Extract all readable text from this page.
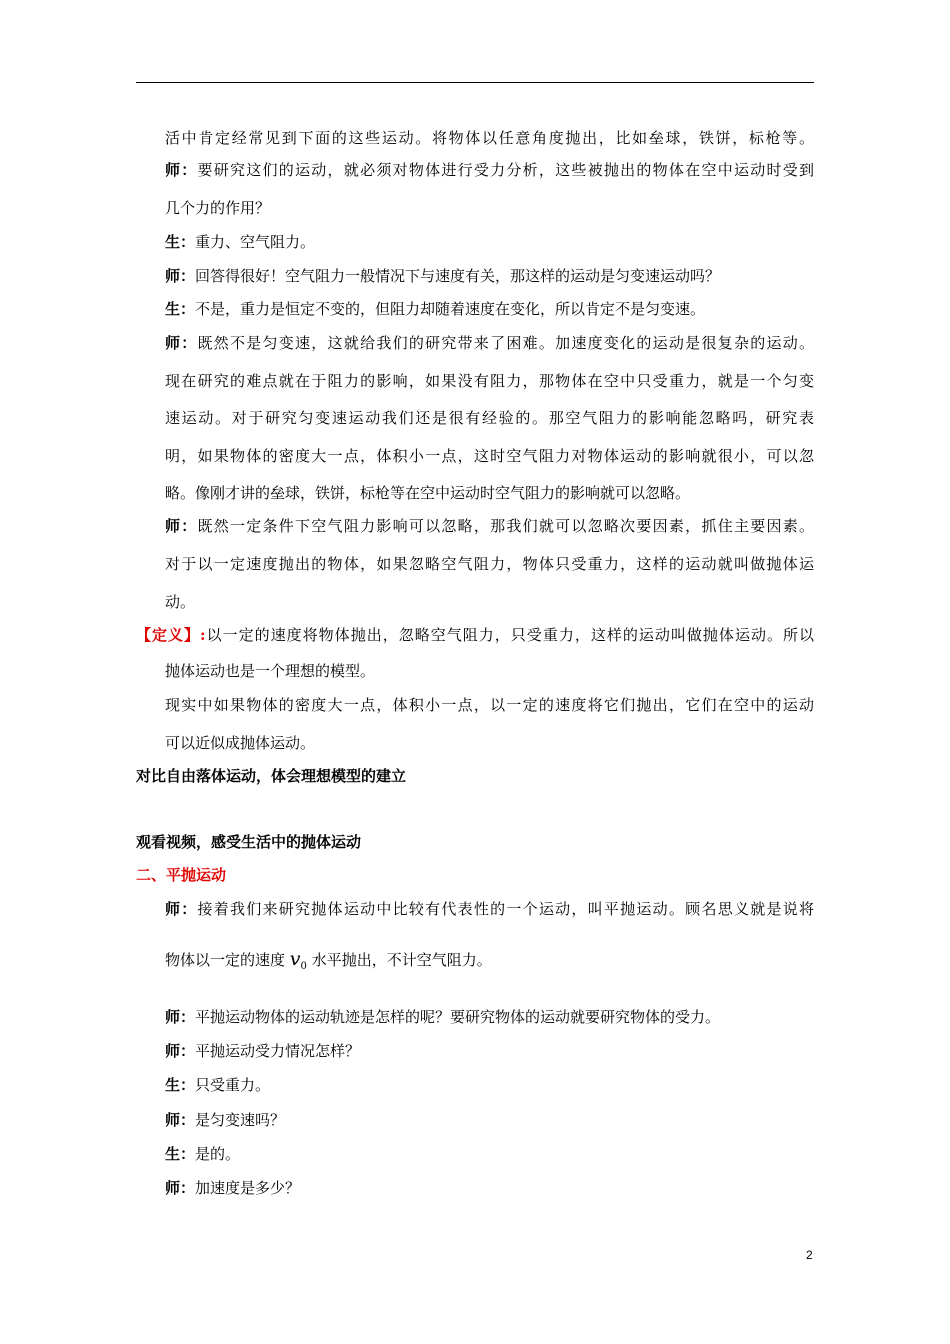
活中肯定经常见到下面的这些运动。将物体以任意角度抛出，比如垒球，铁饼，标枪等。
师：要研究这们的运动，就必须对物体进行受力分析，这些被抛出的物体在空中运动时受到
几个力的作用？
生：重力、空气阻力。
师：回答得很好！空气阻力一般情况下与速度有关，那这样的运动是匀变速运动吗？
生：不是，重力是恒定不变的，但阻力却随着速度在变化，所以肯定不是匀变速。
师：既然不是匀变速，这就给我们的研究带来了困难。加速度变化的运动是很复杂的运动。
现在研究的难点就在于阻力的影响，如果没有阻力，那物体在空中只受重力，就是一个匀变
速运动。对于研究匀变速运动我们还是很有经验的。那空气阻力的影响能忽略吗，研究表
明，如果物体的密度大一点，体积小一点，这时空气阻力对物体运动的影响就很小，可以忽
略。像刚才讲的垒球，铁饼，标枪等在空中运动时空气阻力的影响就可以忽略。
师：既然一定条件下空气阻力影响可以忽略，那我们就可以忽略次要因素，抓住主要因素。
对于以一定速度抛出的物体，如果忽略空气阻力，物体只受重力，这样的运动就叫做抛体运
动。
【定义】:以一定的速度将物体抛出，忽略空气阻力，只受重力，这样的运动叫做抛体运动。所以
抛体运动也是一个理想的模型。
现实中如果物体的密度大一点，体积小一点，以一定的速度将它们抛出，它们在空中的运动
可以近似成抛体运动。
对比自由落体运动，体会理想模型的建立
观看视频，感受生活中的抛体运动
二、平抛运动
师：接着我们来研究抛体运动中比较有代表性的一个运动，叫平抛运动。顾名思义就是说将
物体以一定的速度 $v_0$ 水平抛出，不计空气阻力。
师：平抛运动物体的运动轨迹是怎样的呢？要研究物体的运动就要研究物体的受力。
师：平抛运动受力情况怎样？
生：只受重力。
师：是匀变速吗？
生：是的。
师：加速度是多少？
2
